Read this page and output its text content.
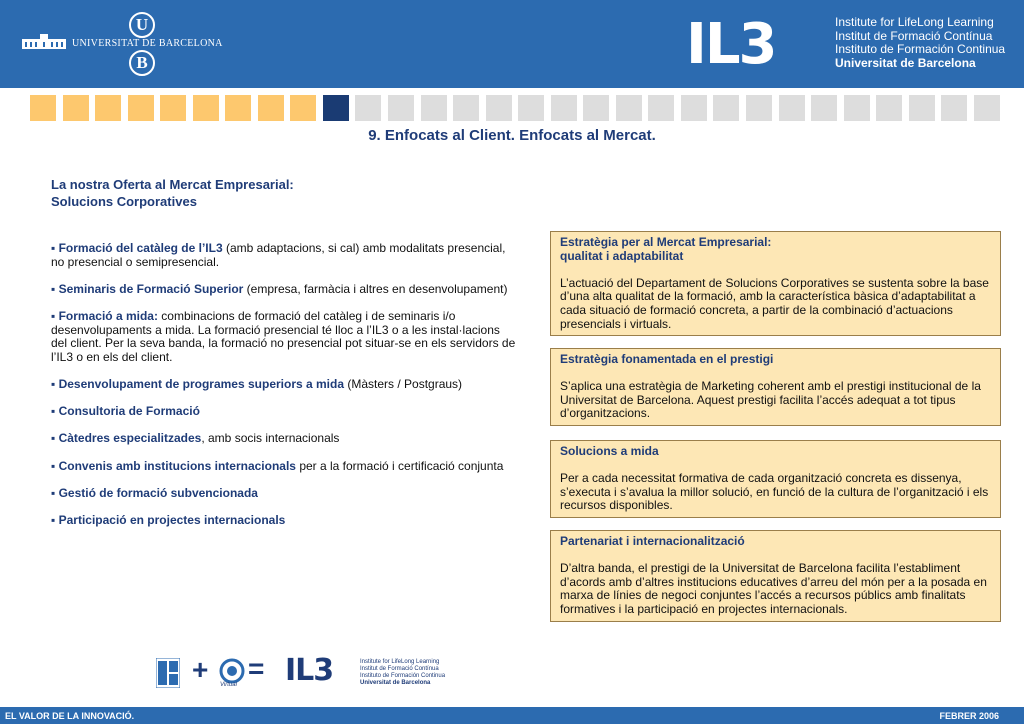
U
UNIVERSITAT DE BARCELONA
B	IL3	Institute for LifeLong Learning
Institut de Formació Contínua
Instituto de Formación Continua
Universitat de Barcelona
9. Enfocats al Client. Enfocats al Mercat.
La nostra Oferta al Mercat Empresarial:
Solucions Corporatives
▪ Formació del catàleg de l’IL3 (amb adaptacions, si cal) amb modalitats presencial, no presencial o semipresencial.
▪ Seminaris de Formació Superior (empresa, farmàcia i altres en desenvolupament)
▪ Formació a mida: combinacions de formació del catàleg i de seminaris i/o desenvolupaments a mida. La formació presencial té lloc a l’IL3 o a les instal·lacions del client. Per la seva banda, la formació no presencial pot situar-se en els servidors de l’IL3 o en els del client.
▪ Desenvolupament de programes superiors a mida (Màsters / Postgraus)
▪ Consultoria de Formació
▪ Càtedres especialitzades, amb socis internacionals
▪ Convenis amb institucions internacionals per a la formació i certificació conjunta
▪ Gestió de formació subvencionada
▪ Participació en projectes internacionals
Estratègia per al Mercat Empresarial:
qualitat i adaptabilitat
L’actuació del Departament de Solucions Corporatives se sustenta sobre la base d’una alta qualitat de la formació, amb la característica bàsica d’adaptabilitat a cada situació de formació concreta, a partir de la combinació d’actuacions presencials i virtuals.
Estratègia fonamentada en el prestigi
S’aplica una estratègia de Marketing coherent amb el prestigi institucional de la Universitat de Barcelona. Aquest prestigi facilita l’accés adequat a tot tipus d’organitzacions.
Solucions a mida
Per a cada necessitat formativa de cada organització concreta es dissenya, s’executa i s’avalua la millor solució, en funció de la cultura de l’organització i els recursos disponibles.
Partenariat i internacionalització
D’altra banda, el prestigi de la Universitat de Barcelona facilita l’establiment d’acords amb d’altres institucions educatives d’arreu del món per a la posada en marxa de línies de negoci conjuntes l’accés a recursos públics amb finalitats formatives i la participació en projectes internacionals.
+ Virtual
= IL3	Institute for LifeLong Learning
Institut de Formació Contínua
Instituto de Formación Continua
Universitat de Barcelona
EL VALOR DE LA INNOVACIÓ.	FEBRER 2006
